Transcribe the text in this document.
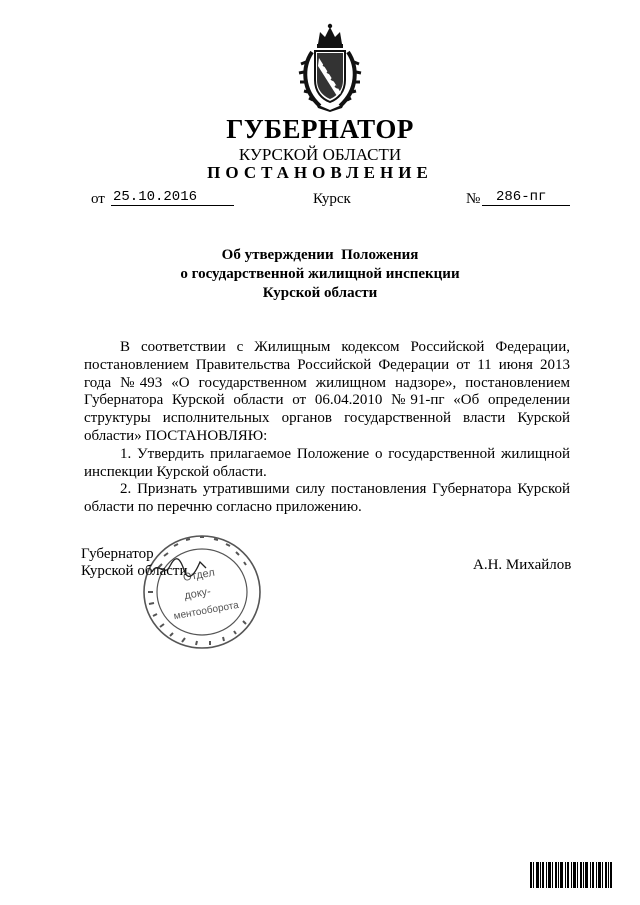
ГУБЕРНАТОР
КУРСКОЙ ОБЛАСТИ
ПОСТАНОВЛЕНИЕ
от 25.10.2016	Курск	№ 286-пг
Об утверждении  Положения
о государственной жилищной инспекции
Курской области

В соответствии с Жилищным кодексом Российской Федерации, постановлением Правительства Российской Федерации от 11 июня 2013 года №493 «О государственном жилищном надзоре», постановлением Губернатора Курской области от 06.04.2010 №91-пг «Об определении структуры исполнительных органов государственной власти Курской области» ПОСТАНОВЛЯЮ:

1. Утвердить прилагаемое Положение о государственной жилищной инспекции Курской области.

2. Признать утратившими силу постановления Губернатора Курской области по перечню согласно приложению.

Отдел
доку-
ментооборота
Губернатор
Курской области	А.Н. Михайлов
